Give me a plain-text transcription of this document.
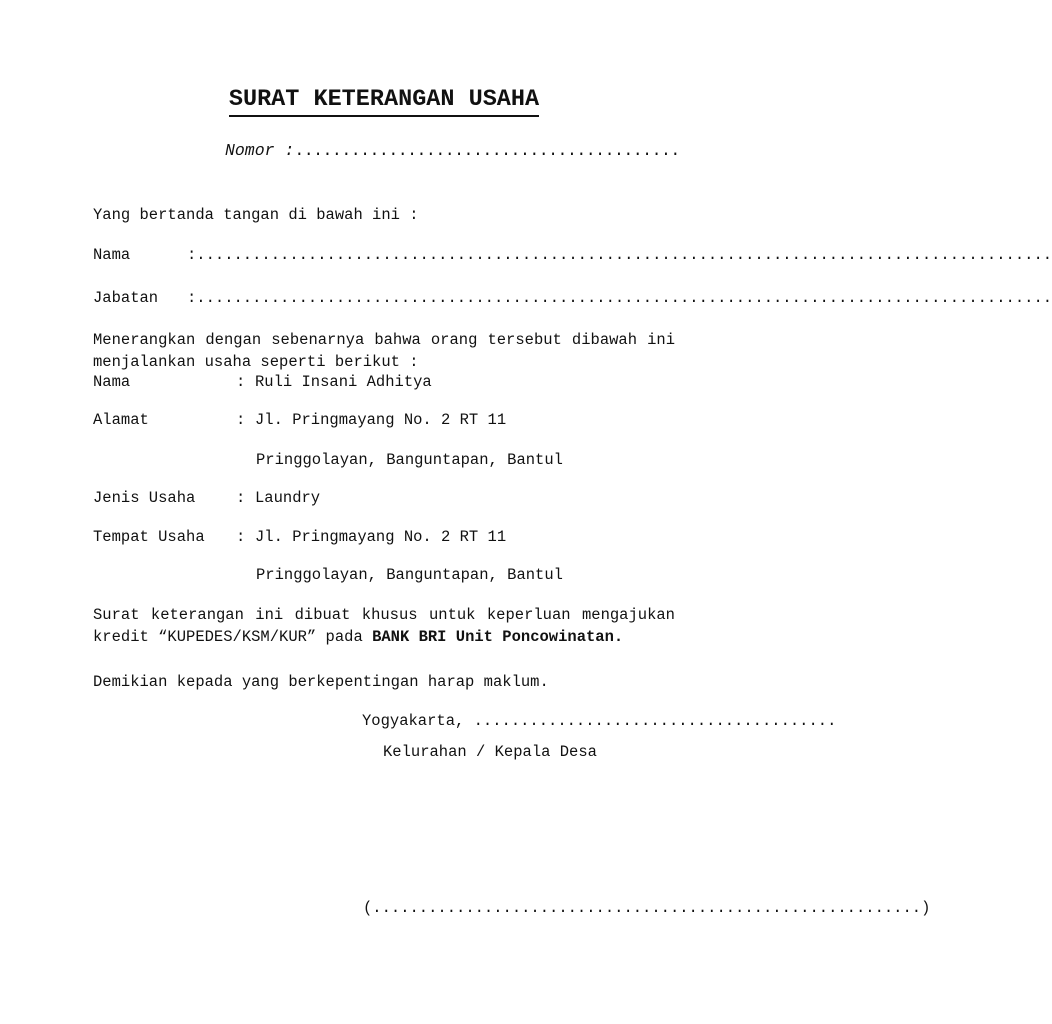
SURAT KETERANGAN USAHA
Nomor :.........................................
Yang bertanda tangan di bawah ini :
Nama	:............................................................................................
Jabatan :............................................................................................
Menerangkan dengan sebenarnya bahwa orang tersebut dibawah ini menjalankan usaha seperti berikut :
Nama	: Ruli Insani Adhitya
Alamat	: Jl. Pringmayang No. 2 RT 11
Pringgolayan, Banguntapan, Bantul
Jenis Usaha	: Laundry
Tempat Usaha : Jl. Pringmayang No. 2 RT 11
Pringgolayan, Banguntapan, Bantul
Surat keterangan ini dibuat khusus untuk keperluan mengajukan kredit “KUPEDES/KSM/KUR” pada BANK BRI Unit Poncowinatan.
Demikian kepada yang berkepentingan harap maklum.
Yogyakarta, .......................................
Kelurahan / Kepala Desa
(...........................................................)
